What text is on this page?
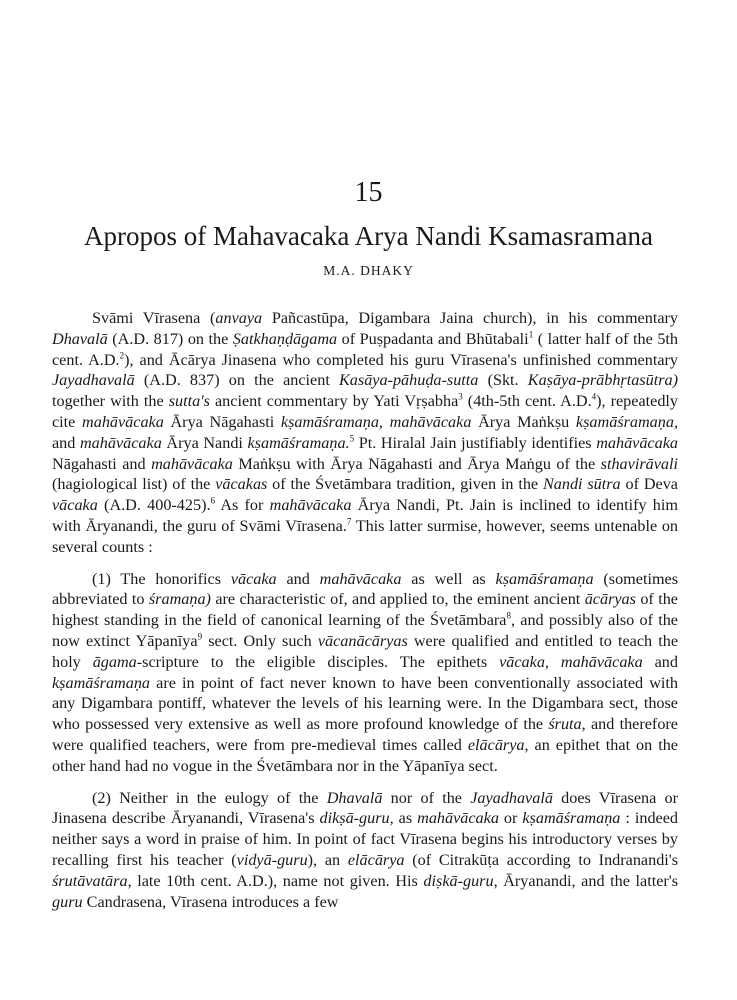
15
Apropos of Mahavacaka Arya Nandi Ksamasramana
M.A. DHAKY

Svāmi Vīrasena (anvaya Pañcastūpa, Digambara Jaina church), in his commentary Dhavalā (A.D. 817) on the Ṣatkhaṇḍāgama of Puṣpadanta and Bhūtabali$^1$ ( latter half of the 5th cent. A.D.$^2$), and Ācārya Jinasena who completed his guru Vīrasena's unfinished commentary Jayadhavalā (A.D. 837) on the ancient Kasāya-pāhuḍa-sutta (Skt. Kaṣāya-prābhṛtasūtra) together with the sutta's ancient commentary by Yati Vṛṣabha$^3$ (4th-5th cent. A.D.$^4$), repeatedly cite mahāvācaka Ārya Nāgahasti kṣamāśramaṇa, mahāvācaka Ārya Maṅkṣu kṣamāśramaṇa, and mahāvācaka Ārya Nandi kṣamāśramaṇa.$^5$ Pt. Hiralal Jain justifiably identifies mahāvācaka Nāgahasti and mahāvācaka Maṅkṣu with Ārya Nāgahasti and Ārya Maṅgu of the sthavirāvali (hagiological list) of the vācakas of the Śvetāmbara tradition, given in the Nandi sūtra of Deva vācaka (A.D. 400-425).$^6$ As for mahāvācaka Ārya Nandi, Pt. Jain is inclined to identify him with Āryanandi, the guru of Svāmi Vīrasena.$^7$ This latter surmise, however, seems untenable on several counts :

(1) The honorifics vācaka and mahāvācaka as well as kṣamāśramaṇa (sometimes abbreviated to śramaṇa) are characteristic of, and applied to, the eminent ancient ācāryas of the highest standing in the field of canonical learning of the Śvetāmbara$^8$, and possibly also of the now extinct Yāpanīya$^9$ sect. Only such vācanācāryas were qualified and entitled to teach the holy āgama-scripture to the eligible disciples. The epithets vācaka, mahāvācaka and kṣamāśramaṇa are in point of fact never known to have been conventionally associated with any Digambara pontiff, whatever the levels of his learning were. In the Digambara sect, those who possessed very extensive as well as more profound knowledge of the śruta, and therefore were qualified teachers, were from pre-medieval times called elācārya, an epithet that on the other hand had no vogue in the Śvetāmbara nor in the Yāpanīya sect.

(2) Neither in the eulogy of the Dhavalā nor of the Jayadhavalā does Vīrasena or Jinasena describe Āryanandi, Vīrasena's dikṣā-guru, as mahāvācaka or kṣamāśramaṇa : indeed neither says a word in praise of him. In point of fact Vīrasena begins his introductory verses by recalling first his teacher (vidyā-guru), an elācārya (of Citrakūṭa according to Indranandi's śrutāvatāra, late 10th cent. A.D.), name not given. His diṣkā-guru, Āryanandi, and the latter's guru Candrasena, Vīrasena introduces a few
